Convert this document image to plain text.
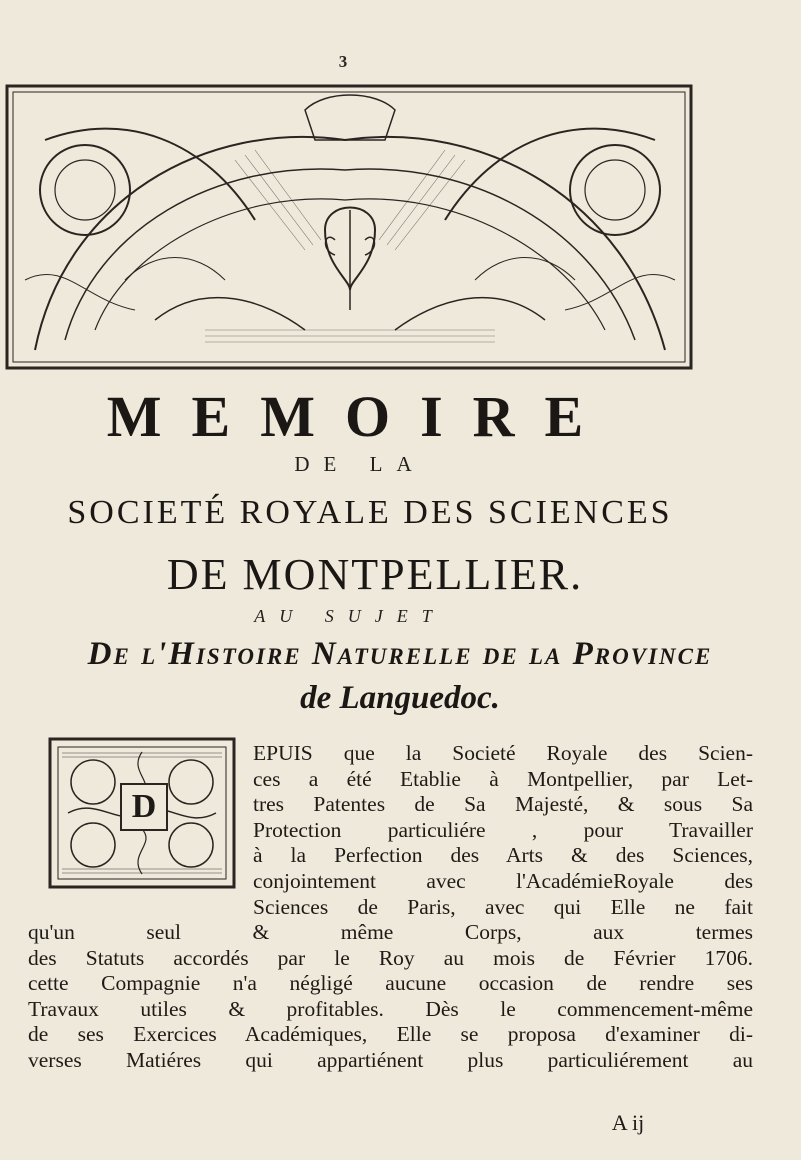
3
MEMOIRE
DE LA
SOCIETÉ ROYALE DES SCIENCES
DE MONTPELLIER.
AU SUJET
De l'Histoire Naturelle de la Province
de Languedoc.
D
EPUIS que la Societé Royale des Scien-
ces a été Etablie à Montpellier, par Let-
tres Patentes de Sa Majesté, & sous Sa
Protection particuliére , pour Travailler
à la Perfection des Arts & des Sciences,
conjointement avec l'AcadémieRoyale des
Sciences de Paris, avec qui Elle ne fait
qu'un seul & même Corps, aux termes
des Statuts accordés par le Roy au mois de Février 1706.
cette Compagnie n'a négligé aucune occasion de rendre ses
Travaux utiles & profitables. Dès le commencement-même
de ses Exercices Académiques, Elle se proposa d'examiner di-
verses Matiéres qui appartiénent plus particuliérement au
A ij
